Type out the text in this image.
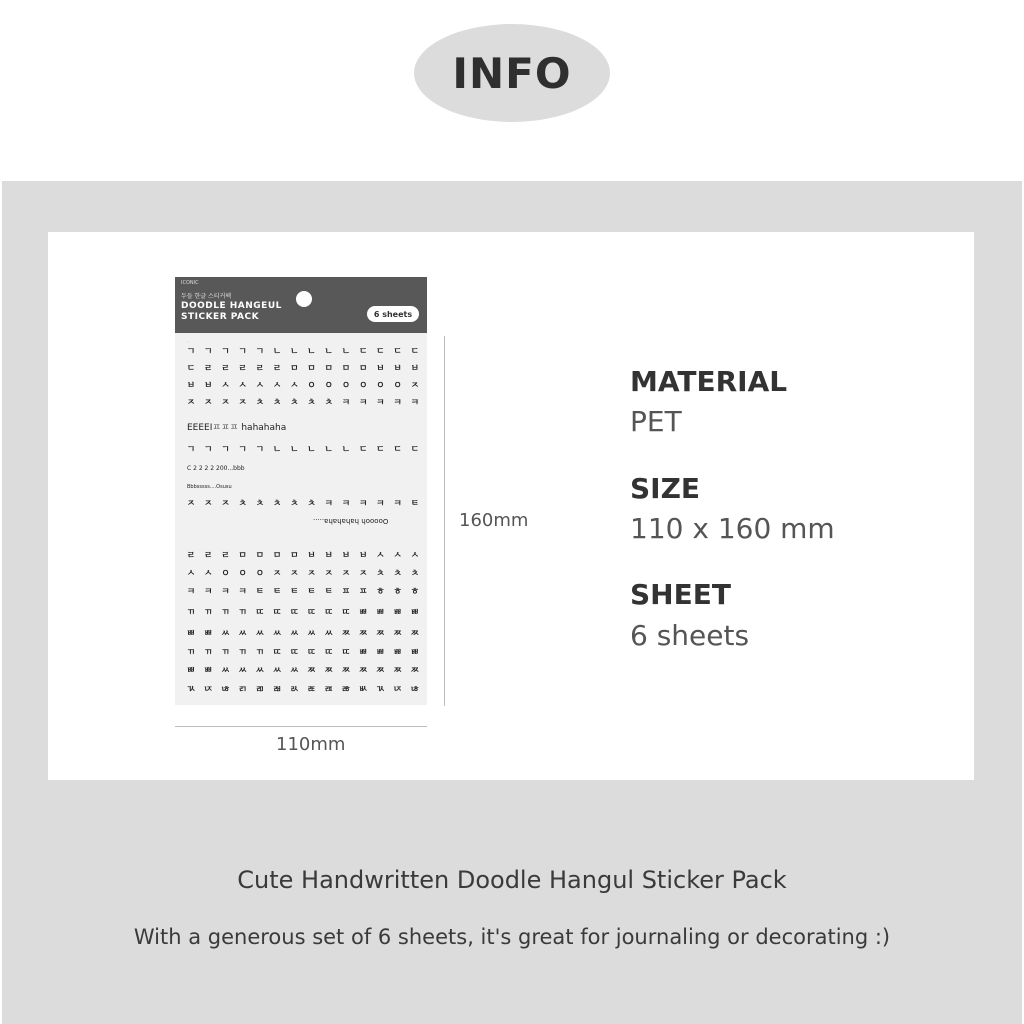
INFO
ICONIC
두들 한글 스티커팩
DOODLE HANGEUL
STICKER PACK	6 sheets
·
ㄱ ㄱ ㄱ ㄱ ㄱ ㄴ ㄴ ㄴ ㄴ ㄴ ㄷ ㄷ ㄷ ㄷ
ㄷ ㄹ ㄹ ㄹ ㄹ ㄹ ㅁ ㅁ ㅁ ㅁ ㅁ ㅂ ㅂ ㅂ
ㅂ ㅂ ㅅ ㅅ ㅅ ㅅ ㅅ ㅇ ㅇ ㅇ ㅇ ㅇ ㅇ ㅈ
ㅈ ㅈ ㅈ ㅈ ㅊ ㅊ ㅊ ㅊ ㅊ ㅋ ㅋ ㅋ ㅋ ㅋ
EEEEIㅍㅍㅍ hahahaha
ㄱ ㄱ ㄱ ㄱ ㄱ ㄴ ㄴ ㄴ ㄴ ㄴ ㄷ ㄷ ㄷ ㄷ
C 2 2 2 2 200...bbb
Bbbsssss....Osusu
ㅈ ㅈ ㅈ ㅊ ㅊ ㅊ ㅊ ㅊ ㅋ ㅋ ㅋ ㅋ ㅋ ㅌ
Oooooh hahahaha.....
ㄹ ㄹ ㄹ ㅁ ㅁ ㅁ ㅁ ㅂ ㅂ ㅂ ㅂ ㅅ ㅅ ㅅ
ㅅ ㅅ ㅇ ㅇ ㅇ ㅈ ㅈ ㅈ ㅈ ㅈ ㅈ ㅊ ㅊ ㅊ
ㅋ ㅋ ㅋ ㅋ ㅌ ㅌ ㅌ ㅌ ㅌ ㅍ ㅍ ㅎ ㅎ ㅎ
ㄲ ㄲ ㄲ ㄲ ㄸ ㄸ ㄸ ㄸ ㄸ ㄸ ㅃ ㅃ ㅃ ㅃ
ㅃ ㅃ ㅆ ㅆ ㅆ ㅆ ㅆ ㅆ ㅆ ㅉ ㅉ ㅉ ㅉ ㅉ
ㄲ ㄲ ㄲ ㄲ ㄲ ㄸ ㄸ ㄸ ㄸ ㄸ ㅃ ㅃ ㅃ ㅃ
ㅃ ㅃ ㅆ ㅆ ㅆ ㅆ ㅆ ㅉ ㅉ ㅉ ㅉ ㅉ ㅉ ㅉ
ㄳ ㄵ ㄶ ㄺ ㄻ ㄼ ㄽ ㄾ ㄿ ㅀ ㅄ ㄳ ㄵ ㄶ
160mm
110mm
MATERIAL
PET
SIZE
110 x 160 mm
SHEET
6 sheets
Cute Handwritten Doodle Hangul Sticker Pack
With a generous set of 6 sheets, it's great for journaling or decorating :)
